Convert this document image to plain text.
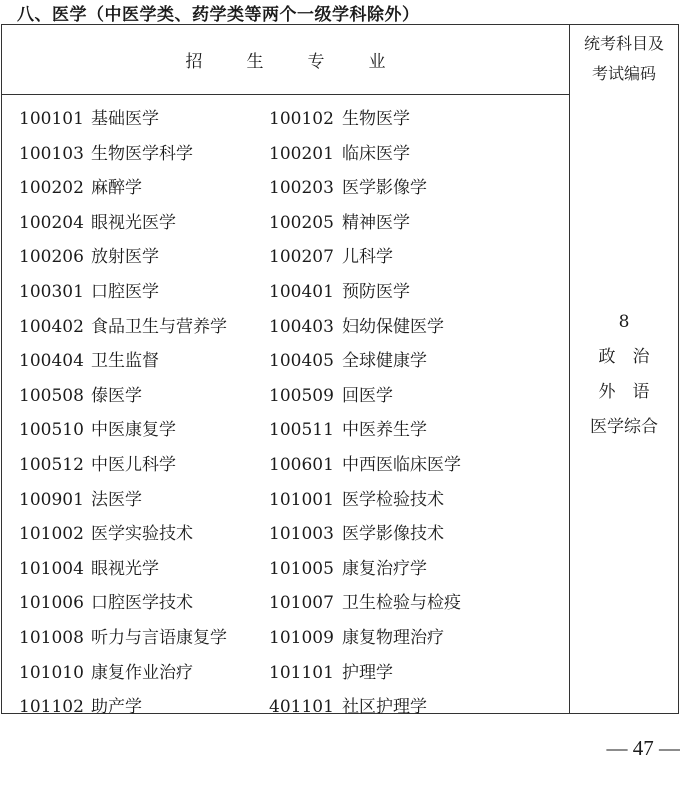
八、医学（中医学类、药学类等两个一级学科除外）
招	生	专	业
统考科目及
考试编码
100101 基础医学	100102 生物医学
100103 生物医学科学	100201 临床医学
100202 麻醉学	100203 医学影像学
100204 眼视光医学	100205 精神医学
100206 放射医学	100207 儿科学
100301 口腔医学	100401 预防医学
100402 食品卫生与营养学 100403 妇幼保健医学
100404 卫生监督	100405 全球健康学
100508 傣医学	100509 回医学
100510 中医康复学	100511 中医养生学
100512 中医儿科学	100601 中西医临床医学
100901 法医学	101001 医学检验技术
101002 医学实验技术	101003 医学影像技术
101004 眼视光学	101005 康复治疗学
101006 口腔医学技术	101007 卫生检验与检疫
101008 听力与言语康复学 101009 康复物理治疗
101010 康复作业治疗	101101 护理学
101102 助产学	401101 社区护理学
8
政　治
外　语
医学综合
— 47 —
